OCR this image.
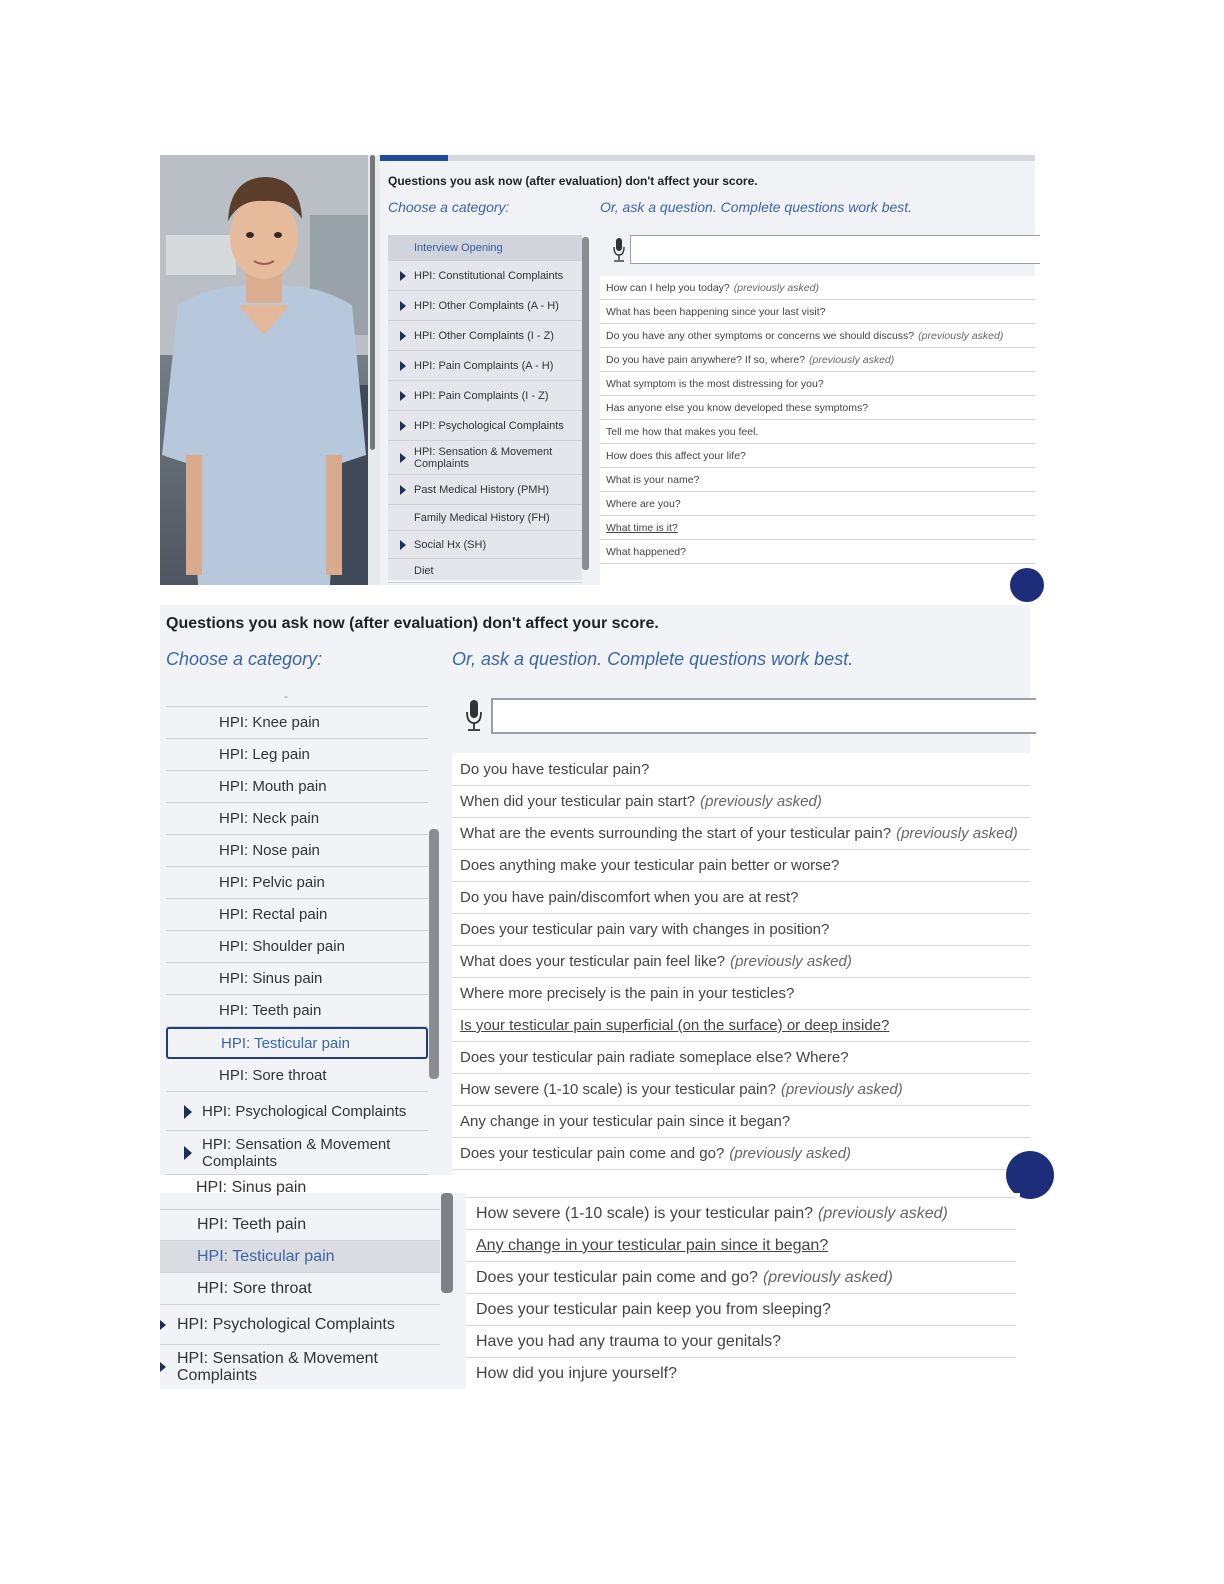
Questions you ask now (after evaluation) don't affect your score.
Choose a category:	Or, ask a question. Complete questions work best.
Interview Opening
HPI: Constitutional Complaints
HPI: Other Complaints (A - H)
HPI: Other Complaints (I - Z)
HPI: Pain Complaints (A - H)
HPI: Pain Complaints (I - Z)
HPI: Psychological Complaints
HPI: Sensation & Movement Complaints
Past Medical History (PMH)
Family Medical History (FH)
Social Hx (SH)
Diet
How can I help you today? (previously asked)
What has been happening since your last visit?
Do you have any other symptoms or concerns we should discuss? (previously asked)
Do you have pain anywhere? If so, where? (previously asked)
What symptom is the most distressing for you?
Has anyone else you know developed these symptoms?
Tell me how that makes you feel.
How does this affect your life?
What is your name?
Where are you?
What time is it?
What happened?
Questions you ask now (after evaluation) don't affect your score.
Choose a category:	Or, ask a question. Complete questions work best.
-
HPI: Knee pain
HPI: Leg pain
HPI: Mouth pain
HPI: Neck pain
HPI: Nose pain
HPI: Pelvic pain
HPI: Rectal pain
HPI: Shoulder pain
HPI: Sinus pain
HPI: Teeth pain
HPI: Testicular pain
HPI: Sore throat
HPI: Psychological Complaints
HPI: Sensation & Movement Complaints
Do you have testicular pain?
When did your testicular pain start? (previously asked)
What are the events surrounding the start of your testicular pain? (previously asked)
Does anything make your testicular pain better or worse?
Do you have pain/discomfort when you are at rest?
Does your testicular pain vary with changes in position?
What does your testicular pain feel like? (previously asked)
Where more precisely is the pain in your testicles?
Is your testicular pain superficial (on the surface) or deep inside?
Does your testicular pain radiate someplace else? Where?
How severe (1-10 scale) is your testicular pain? (previously asked)
Any change in your testicular pain since it began?
Does your testicular pain come and go? (previously asked)
HPI: Sinus pain
HPI: Teeth pain
HPI: Testicular pain
HPI: Sore throat
HPI: Psychological Complaints
HPI: Sensation & Movement Complaints
How severe (1-10 scale) is your testicular pain? (previously asked)
Any change in your testicular pain since it began?
Does your testicular pain come and go? (previously asked)
Does your testicular pain keep you from sleeping?
Have you had any trauma to your genitals?
How did you injure yourself?
